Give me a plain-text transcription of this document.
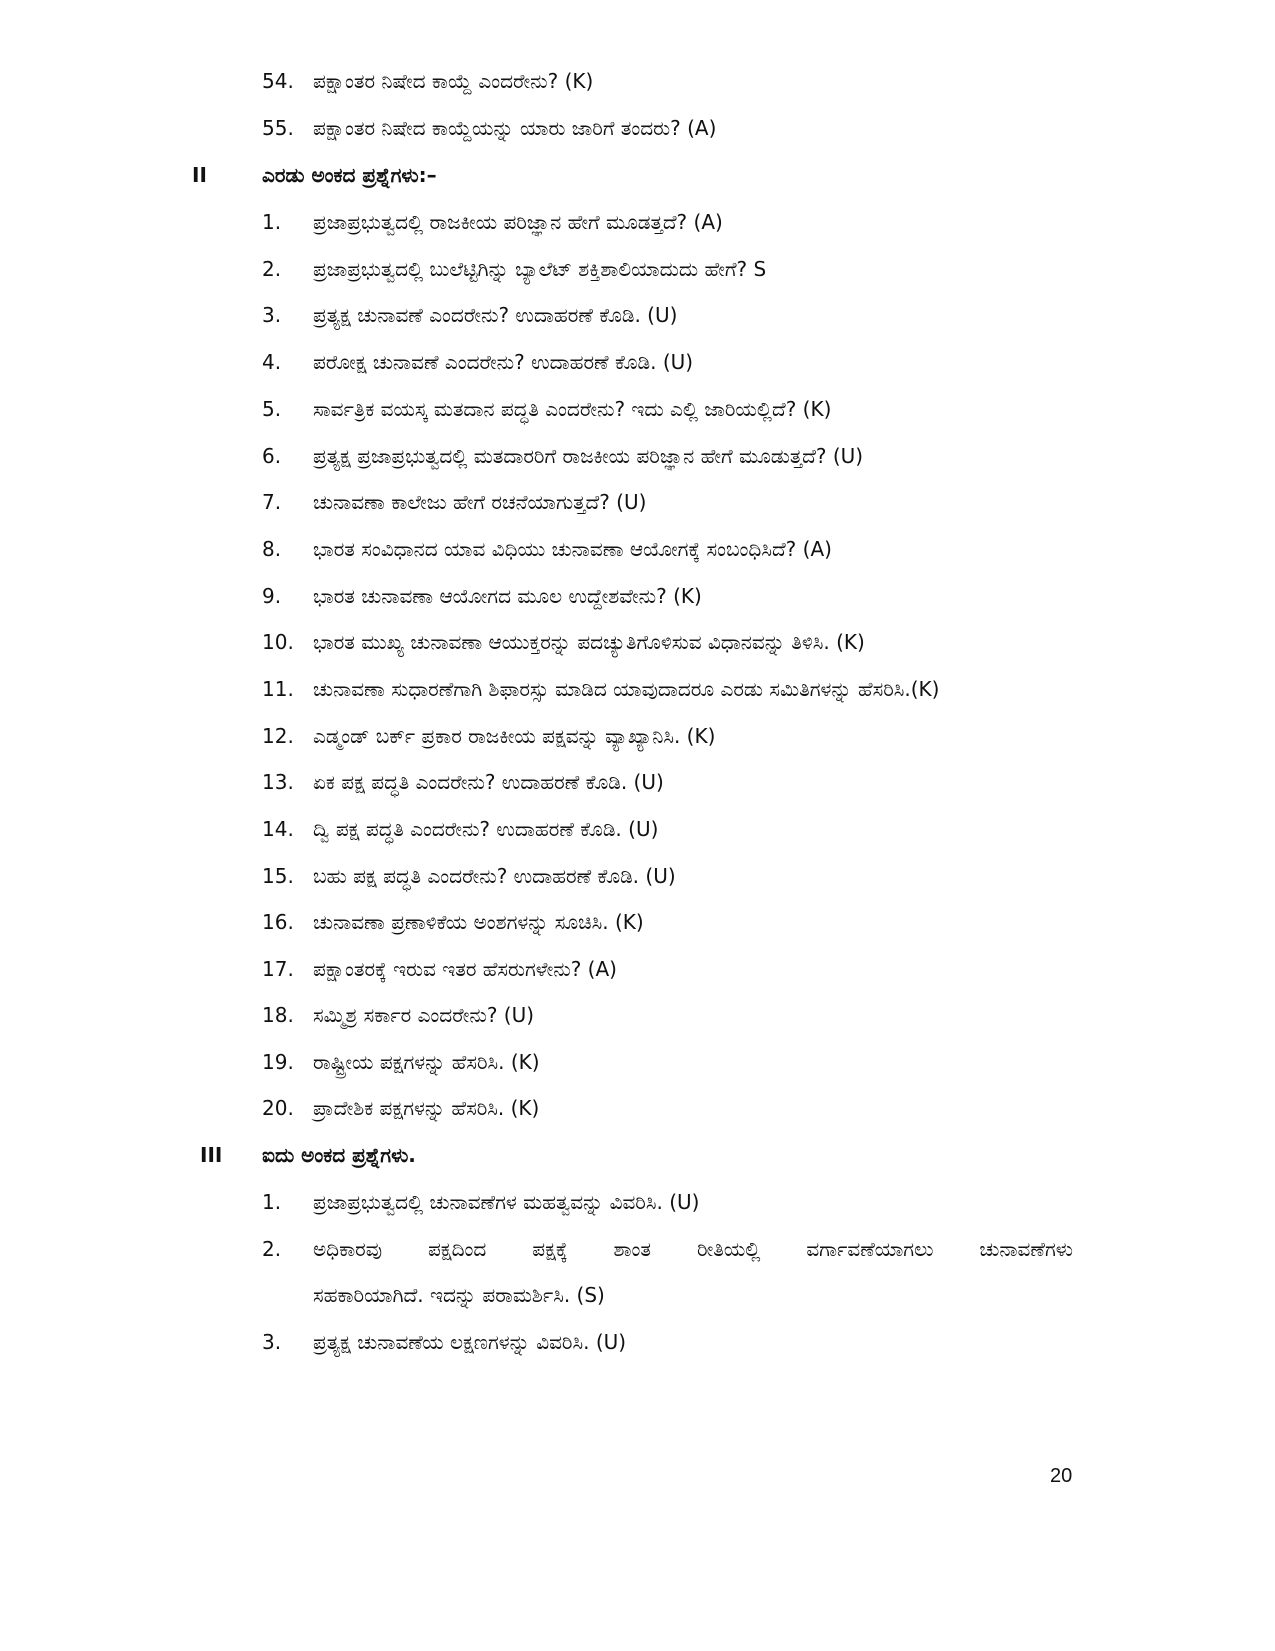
54. ಪಕ್ಷಾಂತರ ನಿಷೇದ ಕಾಯ್ದೆ ಎಂದರೇನು? (K)
55. ಪಕ್ಷಾಂತರ ನಿಷೇದ ಕಾಯ್ದೆಯನ್ನು ಯಾರು ಜಾರಿಗೆ ತಂದರು? (A)
II	ಎರಡು ಅಂಕದ ಪ್ರಶ್ನೆಗಳು:–
1.	ಪ್ರಜಾಪ್ರಭುತ್ವದಲ್ಲಿ ರಾಜಕೀಯ ಪರಿಜ್ಞಾನ ಹೇಗೆ ಮೂಡತ್ತದೆ? (A)
2.	ಪ್ರಜಾಪ್ರಭುತ್ವದಲ್ಲಿ ಬುಲೆಟ್ಟಿಗಿನ್ನು ಬ್ಯಾಲೆಟ್ ಶಕ್ತಿಶಾಲಿಯಾದುದು ಹೇಗೆ? S
3.	ಪ್ರತ್ಯಕ್ಷ ಚುನಾವಣೆ ಎಂದರೇನು? ಉದಾಹರಣೆ ಕೊಡಿ. (U)
4.	ಪರೋಕ್ಷ ಚುನಾವಣೆ ಎಂದರೇನು? ಉದಾಹರಣೆ ಕೊಡಿ. (U)
5.	ಸಾರ್ವತ್ರಿಕ ವಯಸ್ಕ ಮತದಾನ ಪದ್ಧತಿ ಎಂದರೇನು? ಇದು ಎಲ್ಲಿ ಜಾರಿಯಲ್ಲಿದೆ? (K)
6.	ಪ್ರತ್ಯಕ್ಷ ಪ್ರಜಾಪ್ರಭುತ್ವದಲ್ಲಿ ಮತದಾರರಿಗೆ ರಾಜಕೀಯ ಪರಿಜ್ಞಾನ ಹೇಗೆ ಮೂಡುತ್ತದೆ? (U)
7.	ಚುನಾವಣಾ ಕಾಲೇಜು ಹೇಗೆ ರಚನೆಯಾಗುತ್ತದೆ? (U)
8.	ಭಾರತ ಸಂವಿಧಾನದ ಯಾವ ವಿಧಿಯು ಚುನಾವಣಾ ಆಯೋಗಕ್ಕೆ ಸಂಬಂಧಿಸಿದೆ? (A)
9.	ಭಾರತ ಚುನಾವಣಾ ಆಯೋಗದ ಮೂಲ ಉದ್ದೇಶವೇನು? (K)
10. ಭಾರತ ಮುಖ್ಯ ಚುನಾವಣಾ ಆಯುಕ್ತರನ್ನು ಪದಚ್ಯುತಿಗೊಳಿಸುವ ವಿಧಾನವನ್ನು ತಿಳಿಸಿ. (K)
11. ಚುನಾವಣಾ ಸುಧಾರಣೆಗಾಗಿ ಶಿಫಾರಸ್ಸು ಮಾಡಿದ ಯಾವುದಾದರೂ ಎರಡು ಸಮಿತಿಗಳನ್ನು ಹೆಸರಿಸಿ.(K)
12. ಎಡ್ಮಂಡ್ ಬರ್ಕ್ ಪ್ರಕಾರ ರಾಜಕೀಯ ಪಕ್ಷವನ್ನು ವ್ಯಾಖ್ಯಾನಿಸಿ. (K)
13. ಏಕ ಪಕ್ಷ ಪದ್ಧತಿ ಎಂದರೇನು? ಉದಾಹರಣೆ ಕೊಡಿ. (U)
14. ದ್ವಿ ಪಕ್ಷ ಪದ್ಧತಿ ಎಂದರೇನು? ಉದಾಹರಣೆ ಕೊಡಿ. (U)
15. ಬಹು ಪಕ್ಷ ಪದ್ಧತಿ ಎಂದರೇನು? ಉದಾಹರಣೆ ಕೊಡಿ. (U)
16. ಚುನಾವಣಾ ಪ್ರಣಾಳಿಕೆಯ ಅಂಶಗಳನ್ನು ಸೂಚಿಸಿ. (K)
17. ಪಕ್ಷಾಂತರಕ್ಕೆ ಇರುವ ಇತರ ಹೆಸರುಗಳೇನು? (A)
18. ಸಮ್ಮಿಶ್ರ ಸರ್ಕಾರ ಎಂದರೇನು? (U)
19. ರಾಷ್ಟ್ರೀಯ ಪಕ್ಷಗಳನ್ನು ಹೆಸರಿಸಿ. (K)
20. ಪ್ರಾದೇಶಿಕ ಪಕ್ಷಗಳನ್ನು ಹೆಸರಿಸಿ. (K)
III ಐದು ಅಂಕದ ಪ್ರಶ್ನೆಗಳು.
1.	ಪ್ರಜಾಪ್ರಭುತ್ವದಲ್ಲಿ ಚುನಾವಣೆಗಳ ಮಹತ್ವವನ್ನು ವಿವರಿಸಿ. (U)
2.	ಅಧಿಕಾರವು ಪಕ್ಷದಿಂದ ಪಕ್ಷಕ್ಕೆ ಶಾಂತ ರೀತಿಯಲ್ಲಿ ವರ್ಗಾವಣೆಯಾಗಲು ಚುನಾವಣೆಗಳು
ಸಹಕಾರಿಯಾಗಿದೆ. ಇದನ್ನು ಪರಾಮರ್ಶಿಸಿ. (S)
3.	ಪ್ರತ್ಯಕ್ಷ ಚುನಾವಣೆಯ ಲಕ್ಷಣಗಳನ್ನು ವಿವರಿಸಿ. (U)
20
